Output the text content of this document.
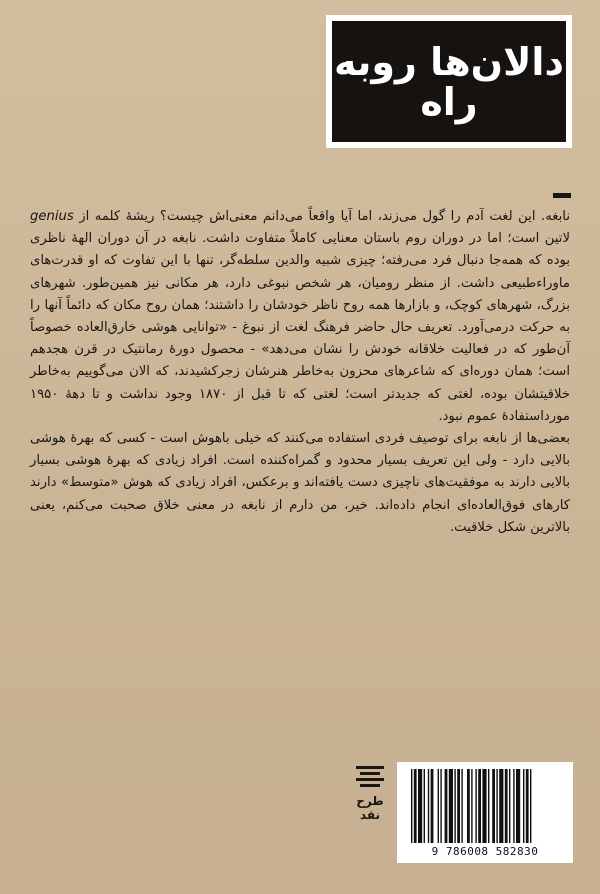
دالان‌ها روبه راه

نابغه. این لغت آدم را گول می‌زند، اما آیا واقعاً می‌دانم معنی‌اش چیست؟ ریشهٔ کلمه از genius لاتین است؛ اما در دوران روم باستان معنایی کاملاً متفاوت داشت. نابغه در آن دوران الههٔ ناظری بوده که همه‌جا دنبال فرد می‌رفته؛ چیزی شبیه والدین سلطه‌گر، تنها با این تفاوت که او قدرت‌های ماوراءطبیعی داشت. از منظر رومیان، هر شخص نبوغی دارد، هر مکانی نیز همین‌طور. شهرهای بزرگ، شهرهای کوچک، و بازارها همه روح ناظر خودشان را داشتند؛ همان روح مکان که دائماً آنها را به حرکت درمی‌آورد. تعریف حال حاضر فرهنگ لغت از نبوغ - «توانایی هوشی خارق‌العاده خصوصاً آن‌طور که در فعالیت خلاقانه خودش را نشان می‌دهد» - محصول دورهٔ رمانتیک در قرن هجدهم است؛ همان دوره‌ای که شاعرهای محزون به‌خاطر هنرشان زجرکشیدند، که الان می‌گوییم به‌خاطر خلاقیتشان بوده، لغتی که جدیدتر است؛ لغتی که تا قبل از ۱۸۷۰ وجود نداشت و تا دههٔ ۱۹۵۰ مورداستفادهٔ عموم نبود.

بعضی‌ها از نابغه برای توصیف فردی استفاده می‌کنند که خیلی باهوش است - کسی که بهرهٔ هوشی بالایی دارد - ولی این تعریف بسیار محدود و گمراه‌کننده است. افراد زیادی که بهرهٔ هوشی بسیار بالایی دارند به موفقیت‌های ناچیزی دست یافته‌اند و برعکس، افراد زیادی که هوش «متوسط» دارند کارهای فوق‌العاده‌ای انجام داده‌اند. خیر، من دارم از نابغه در معنی خلاق صحبت می‌کنم، یعنی بالاترین شکل خلاقیت.

طرح نقد
9 786008 582830
